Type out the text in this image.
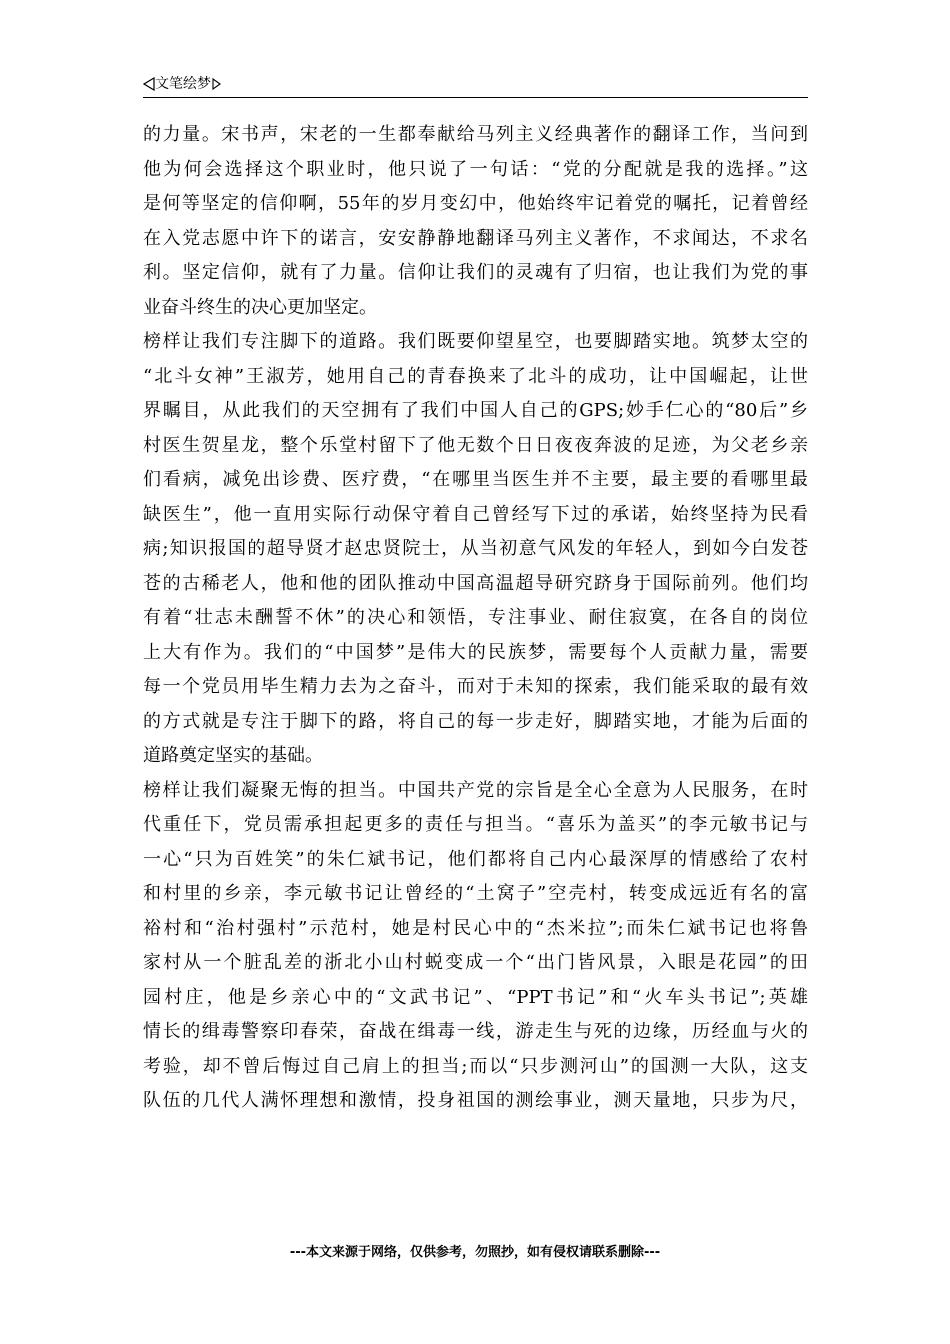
文笔绘梦
的力量。宋书声，宋老的一生都奉献给马列主义经典著作的翻译工作，当问到
他为何会选择这个职业时，他只说了一句话：“党的分配就是我的选择。”这
是何等坚定的信仰啊，55年的岁月变幻中，他始终牢记着党的嘱托，记着曾经
在入党志愿中许下的诺言，安安静静地翻译马列主义著作，不求闻达，不求名
利。坚定信仰，就有了力量。信仰让我们的灵魂有了归宿，也让我们为党的事
业奋斗终生的决心更加坚定。
榜样让我们专注脚下的道路。我们既要仰望星空，也要脚踏实地。筑梦太空的
“北斗女神”王淑芳，她用自己的青春换来了北斗的成功，让中国崛起，让世
界瞩目，从此我们的天空拥有了我们中国人自己的GPS;妙手仁心的“80后”乡
村医生贺星龙，整个乐堂村留下了他无数个日日夜夜奔波的足迹，为父老乡亲
们看病，减免出诊费、医疗费，“在哪里当医生并不主要，最主要的看哪里最
缺医生”，他一直用实际行动保守着自己曾经写下过的承诺，始终坚持为民看
病;知识报国的超导贤才赵忠贤院士，从当初意气风发的年轻人，到如今白发苍
苍的古稀老人，他和他的团队推动中国高温超导研究跻身于国际前列。他们均
有着“壮志未酬誓不休”的决心和领悟，专注事业、耐住寂寞，在各自的岗位
上大有作为。我们的“中国梦”是伟大的民族梦，需要每个人贡献力量，需要
每一个党员用毕生精力去为之奋斗，而对于未知的探索，我们能采取的最有效
的方式就是专注于脚下的路，将自己的每一步走好，脚踏实地，才能为后面的
道路奠定坚实的基础。
榜样让我们凝聚无悔的担当。中国共产党的宗旨是全心全意为人民服务，在时
代重任下，党员需承担起更多的责任与担当。“喜乐为盖买”的李元敏书记与
一心“只为百姓笑”的朱仁斌书记，他们都将自己内心最深厚的情感给了农村
和村里的乡亲，李元敏书记让曾经的“土窝子”空壳村，转变成远近有名的富
裕村和“治村强村”示范村，她是村民心中的“杰米拉”;而朱仁斌书记也将鲁
家村从一个脏乱差的浙北小山村蜕变成一个“出门皆风景，入眼是花园”的田
园村庄，他是乡亲心中的“文武书记”、“PPT书记”和“火车头书记”;英雄
情长的缉毒警察印春荣，奋战在缉毒一线，游走生与死的边缘，历经血与火的
考验，却不曾后悔过自己肩上的担当;而以“只步测河山”的国测一大队，这支
队伍的几代人满怀理想和激情，投身祖国的测绘事业，测天量地，只步为尺，
---本文来源于网络，仅供参考，勿照抄，如有侵权请联系删除---
